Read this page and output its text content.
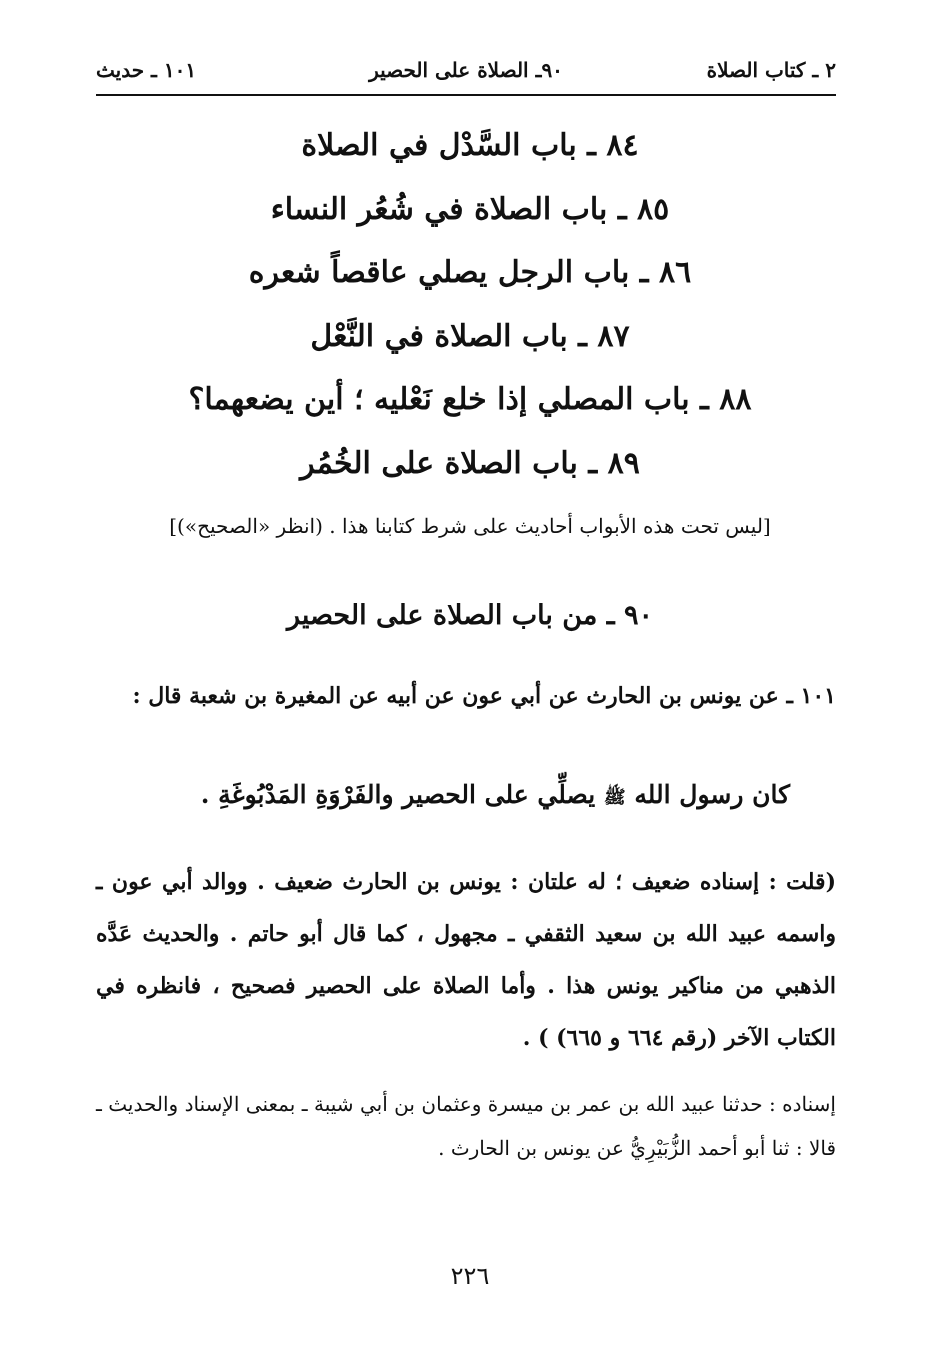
٢ ـ كتاب الصلاة
٩٠ـ الصلاة على الحصير
١٠١ ـ حديث
٨٤ ـ باب السَّدْل في الصلاة
٨٥ ـ باب الصلاة في شُعُر النساء
٨٦ ـ باب الرجل يصلي عاقصاً شعره
٨٧ ـ باب الصلاة في النَّعْل
٨٨ ـ باب المصلي إذا خلع نَعْليه ؛ أين يضعهما؟
٨٩ ـ باب الصلاة على الخُمُر
[ليس تحت هذه الأبواب أحاديث على شرط كتابنا هذا . (انظر «الصحيح»)]
٩٠ ـ من باب الصلاة على الحصير
١٠١ ـ عن يونس بن الحارث عن أبي عون عن أبيه عن المغيرة بن شعبة قال :
كان رسول الله ﷺ يصلِّي على الحصير والفَرْوَةِ المَدْبُوغَةِ .
(قلت : إسناده ضعيف ؛ له علتان : يونس بن الحارث ضعيف . ووالد أبي عون ـ واسمه عبيد الله بن سعيد الثقفي ـ مجهول ، كما قال أبو حاتم . والحديث عَدَّه الذهبي من مناكير يونس هذا . وأما الصلاة على الحصير فصحيح ، فانظره في الكتاب الآخر (رقم ٦٦٤ و ٦٦٥) ) .
إسناده : حدثنا عبيد الله بن عمر بن ميسرة وعثمان بن أبي شيبة ـ بمعنى الإسناد والحديث ـ قالا : ثنا أبو أحمد الزُّبَيْرِيُّ عن يونس بن الحارث .
٢٢٦
